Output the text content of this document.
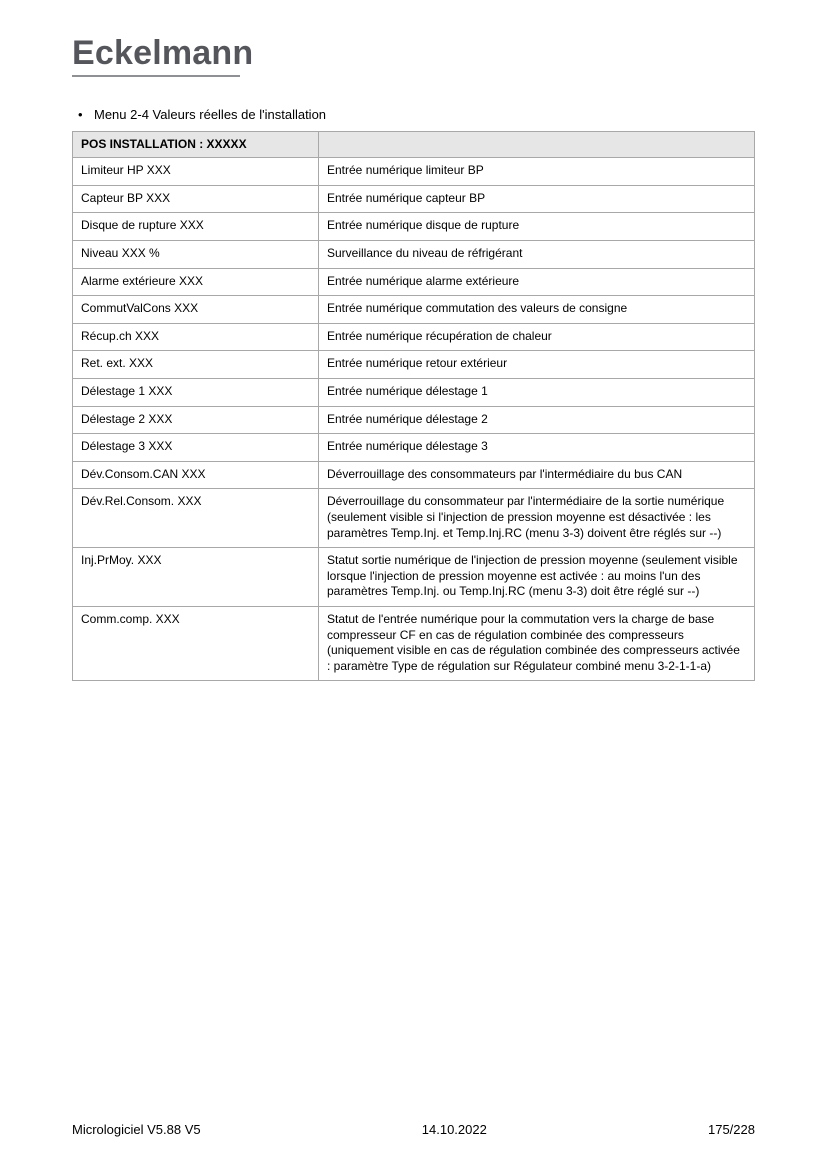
Eckelmann
• Menu 2-4 Valeurs réelles de l'installation
POS INSTALLATION : XXXXX	
Limiteur HP XXX	Entrée numérique limiteur BP
Capteur BP XXX	Entrée numérique capteur BP
Disque de rupture XXX	Entrée numérique disque de rupture
Niveau XXX %	Surveillance du niveau de réfrigérant
Alarme extérieure XXX	Entrée numérique alarme extérieure
CommutValCons XXX	Entrée numérique commutation des valeurs de consigne
Récup.ch XXX	Entrée numérique récupération de chaleur
Ret. ext. XXX	Entrée numérique retour extérieur
Délestage 1 XXX	Entrée numérique délestage 1
Délestage 2 XXX	Entrée numérique délestage 2
Délestage 3 XXX	Entrée numérique délestage 3
Dév.Consom.CAN XXX	Déverrouillage des consommateurs par l'intermédiaire du bus CAN
Dév.Rel.Consom. XXX	Déverrouillage du consommateur par l'intermédiaire de la sortie numérique (seulement visible si l'injection de pression moyenne est désactivée : les paramètres Temp.Inj. et Temp.Inj.RC (menu 3-3) doivent être réglés sur --)
Inj.PrMoy. XXX	Statut sortie numérique de l'injection de pression moyenne (seulement visible lorsque l'injection de pression moyenne est activée : au moins l'un des paramètres Temp.Inj. ou Temp.Inj.RC (menu 3-3) doit être réglé sur --)
Comm.comp. XXX	Statut de l'entrée numérique pour la commutation vers la charge de base compresseur CF en cas de régulation combinée des compresseurs (uniquement visible en cas de régulation combinée des compresseurs activée : paramètre Type de régulation sur Régulateur combiné menu 3-2-1-1-a)
Micrologiciel V5.88 V5	14.10.2022	175/228
